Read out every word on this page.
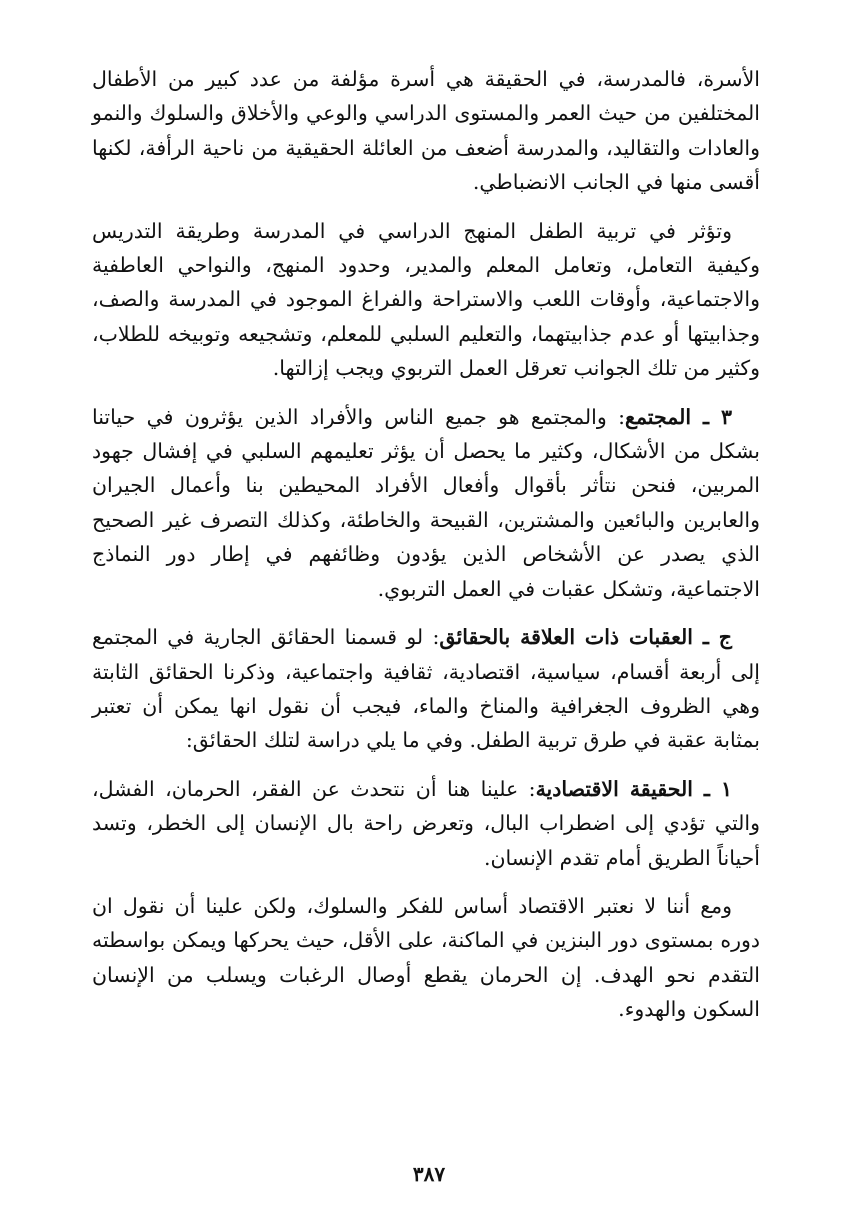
الأسرة، فالمدرسة، في الحقيقة هي أسرة مؤلفة من عدد كبير من الأطفال المختلفين من حيث العمر والمستوى الدراسي والوعي والأخلاق والسلوك والنمو والعادات والتقاليد، والمدرسة أضعف من العائلة الحقيقية من ناحية الرأفة، لكنها أقسى منها في الجانب الانضباطي.

وتؤثر في تربية الطفل المنهج الدراسي في المدرسة وطريقة التدريس وكيفية التعامل، وتعامل المعلم والمدير، وحدود المنهج، والنواحي العاطفية والاجتماعية، وأوقات اللعب والاستراحة والفراغ الموجود في المدرسة والصف، وجذابيتها أو عدم جذابيتهما، والتعليم السلبي للمعلم، وتشجيعه وتوبيخه للطلاب، وكثير من تلك الجوانب تعرقل العمل التربوي ويجب إزالتها.

٣ ـ المجتمع: والمجتمع هو جميع الناس والأفراد الذين يؤثرون في حياتنا بشكل من الأشكال، وكثير ما يحصل أن يؤثر تعليمهم السلبي في إفشال جهود المربين، فنحن نتأثر بأقوال وأفعال الأفراد المحيطين بنا وأعمال الجيران والعابرين والبائعين والمشترين، القبيحة والخاطئة، وكذلك التصرف غير الصحيح الذي يصدر عن الأشخاص الذين يؤدون وظائفهم في إطار دور النماذج الاجتماعية، وتشكل عقبات في العمل التربوي.

ج ـ العقبات ذات العلاقة بالحقائق: لو قسمنا الحقائق الجارية في المجتمع إلى أربعة أقسام، سياسية، اقتصادية، ثقافية واجتماعية، وذكرنا الحقائق الثابتة وهي الظروف الجغرافية والمناخ والماء، فيجب أن نقول انها يمكن أن تعتبر بمثابة عقبة في طرق تربية الطفل. وفي ما يلي دراسة لتلك الحقائق:

١ ـ الحقيقة الاقتصادية: علينا هنا أن نتحدث عن الفقر، الحرمان، الفشل، والتي تؤدي إلى اضطراب البال، وتعرض راحة بال الإنسان إلى الخطر، وتسد أحياناً الطريق أمام تقدم الإنسان.

ومع أننا لا نعتبر الاقتصاد أساس للفكر والسلوك، ولكن علينا أن نقول ان دوره بمستوى دور البنزين في الماكنة، على الأقل، حيث يحركها ويمكن بواسطته التقدم نحو الهدف. إن الحرمان يقطع أوصال الرغبات ويسلب من الإنسان السكون والهدوء.

٣٨٧
